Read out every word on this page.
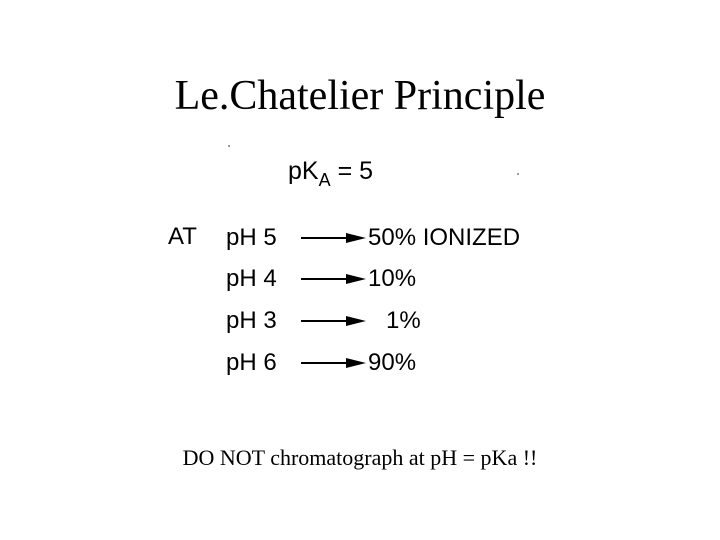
Le.Chatelier Principle
$pK_A = 5$
AT pH 5	50% IONIZED
pH 4	10%
pH 3	1%
pH 6	90%
DO NOT chromatograph at pH = pKa !!
